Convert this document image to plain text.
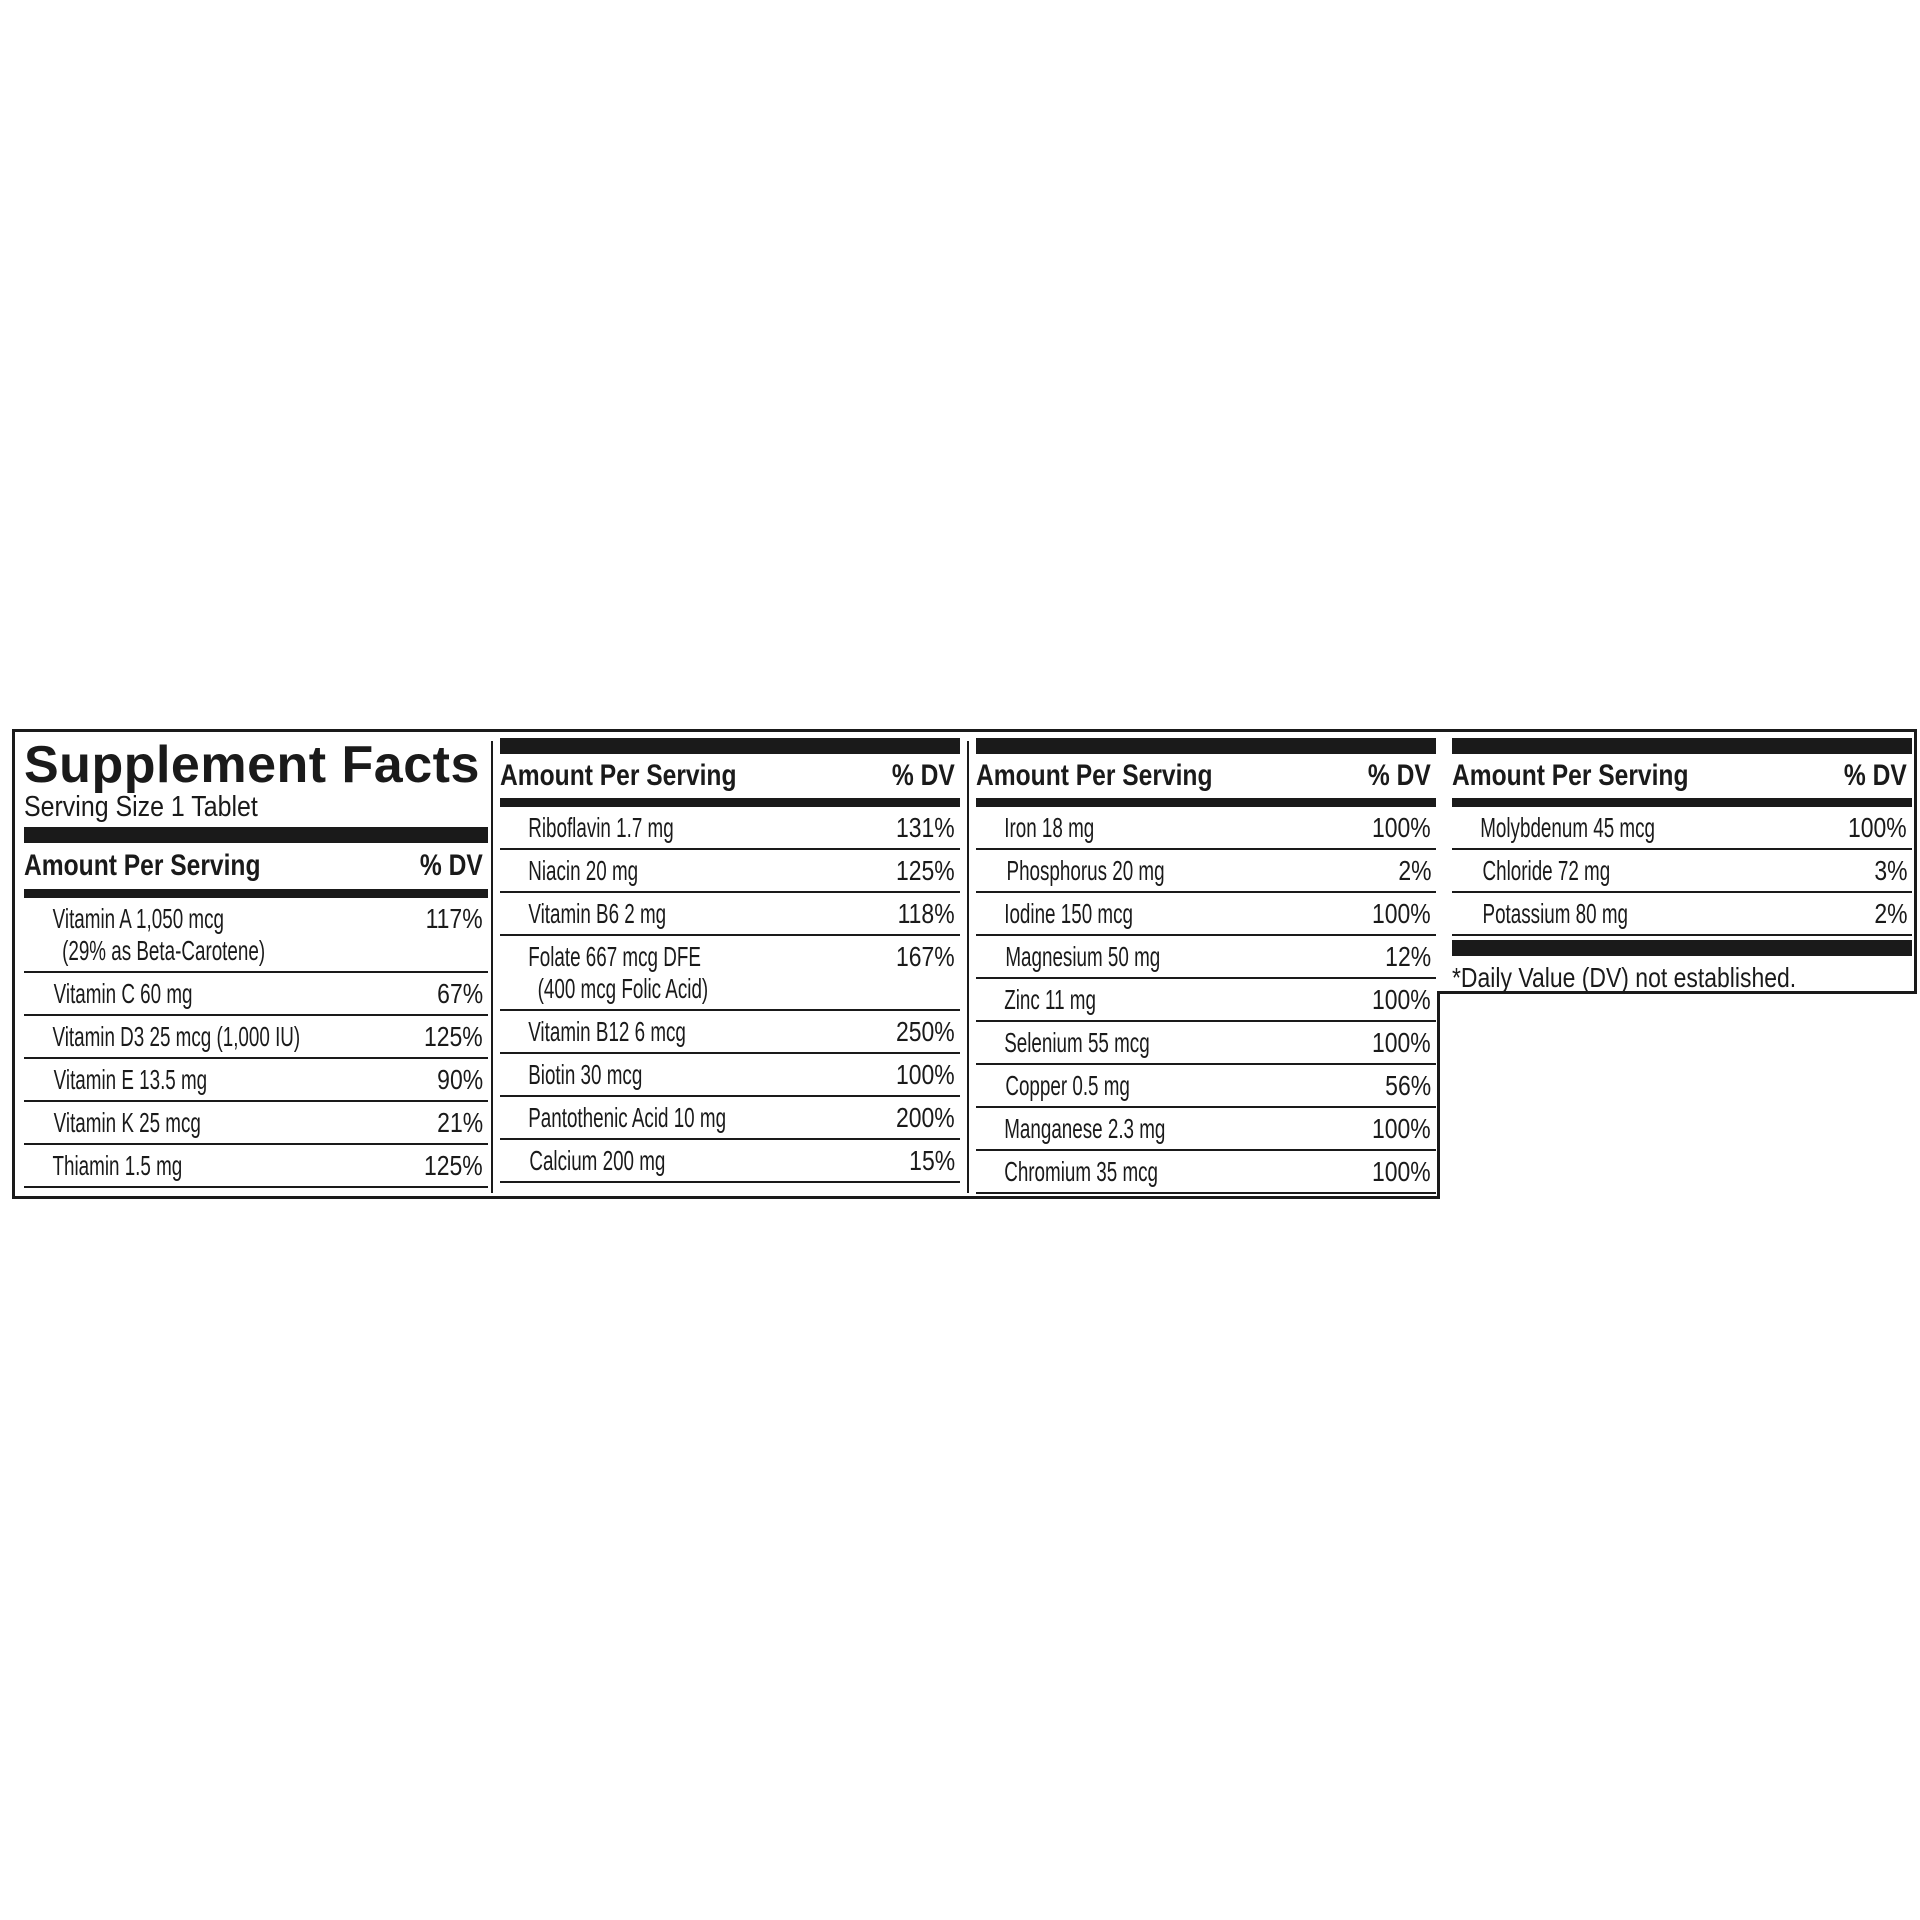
Supplement Facts
Serving Size 1 Tablet
Amount Per Serving	% DV
Vitamin A 1,050 mcg
(29% as Beta-Carotene)
117%
Vitamin C 60 mg	67%
Vitamin D3 25 mcg (1,000 IU)	125%
Vitamin E 13.5 mg	90%
Vitamin K 25 mcg	21%
Thiamin 1.5 mg	125%
Amount Per Serving	% DV
Riboflavin 1.7 mg	131%
Niacin 20 mg	125%
Vitamin B6 2 mg	118%
Folate 667 mcg DFE
(400 mcg Folic Acid)
167%
Vitamin B12 6 mcg	250%
Biotin 30 mcg	100%
Pantothenic Acid 10 mg	200%
Calcium 200 mg	15%
Amount Per Serving	% DV
Iron 18 mg	100%
Phosphorus 20 mg	2%
Iodine 150 mcg	100%
Magnesium 50 mg	12%
Zinc 11 mg	100%
Selenium 55 mcg	100%
Copper 0.5 mg	56%
Manganese 2.3 mg	100%
Chromium 35 mcg	100%
Amount Per Serving	% DV
Molybdenum 45 mcg	100%
Chloride 72 mg	3%
Potassium 80 mg	2%
*Daily Value (DV) not established.
